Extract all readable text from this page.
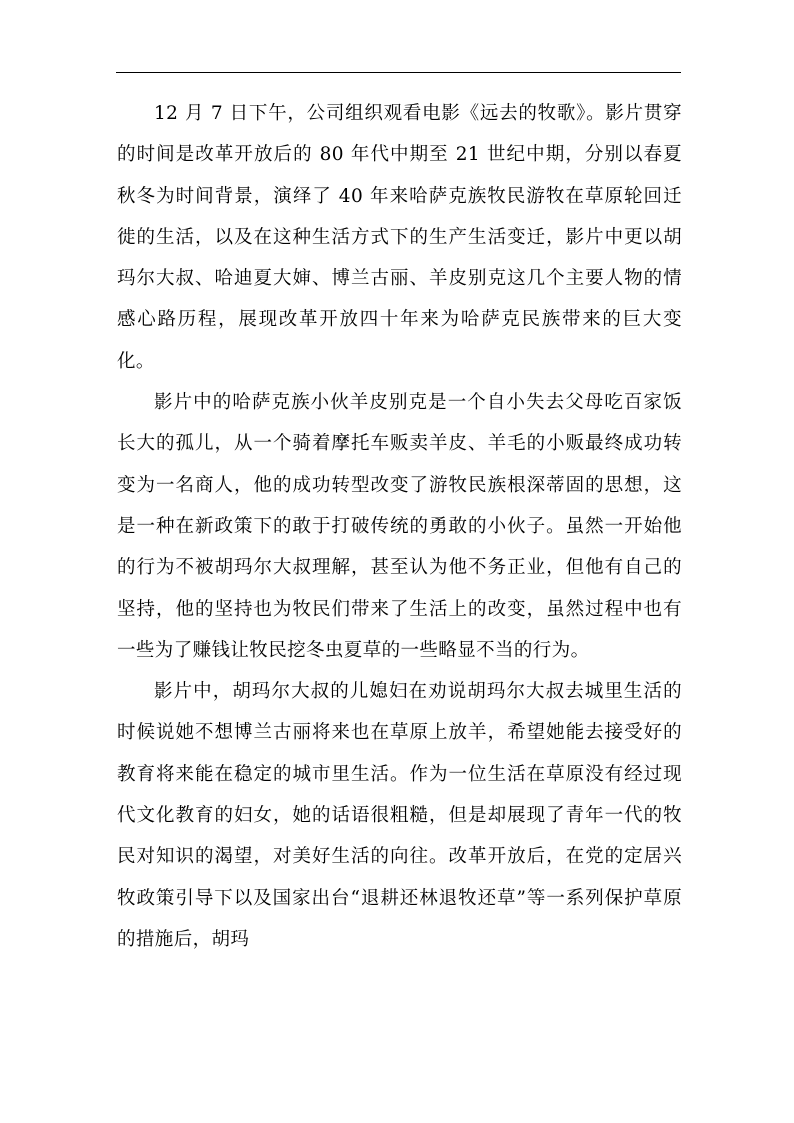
12 月 7 日下午，公司组织观看电影《远去的牧歌》。影片贯穿的时间是改革开放后的 80 年代中期至 21 世纪中期，分别以春夏秋冬为时间背景，演绎了 40 年来哈萨克族牧民游牧在草原轮回迁徙的生活，以及在这种生活方式下的生产生活变迁，影片中更以胡玛尔大叔、哈迪夏大婶、博兰古丽、羊皮别克这几个主要人物的情感心路历程，展现改革开放四十年来为哈萨克民族带来的巨大变化。

影片中的哈萨克族小伙羊皮别克是一个自小失去父母吃百家饭长大的孤儿，从一个骑着摩托车贩卖羊皮、羊毛的小贩最终成功转变为一名商人，他的成功转型改变了游牧民族根深蒂固的思想，这是一种在新政策下的敢于打破传统的勇敢的小伙子。虽然一开始他的行为不被胡玛尔大叔理解，甚至认为他不务正业，但他有自己的坚持，他的坚持也为牧民们带来了生活上的改变，虽然过程中也有一些为了赚钱让牧民挖冬虫夏草的一些略显不当的行为。

影片中，胡玛尔大叔的儿媳妇在劝说胡玛尔大叔去城里生活的时候说她不想博兰古丽将来也在草原上放羊，希望她能去接受好的教育将来能在稳定的城市里生活。作为一位生活在草原没有经过现代文化教育的妇女，她的话语很粗糙，但是却展现了青年一代的牧民对知识的渴望，对美好生活的向往。改革开放后，在党的定居兴牧政策引导下以及国家出台“退耕还林退牧还草”等一系列保护草原的措施后，胡玛
